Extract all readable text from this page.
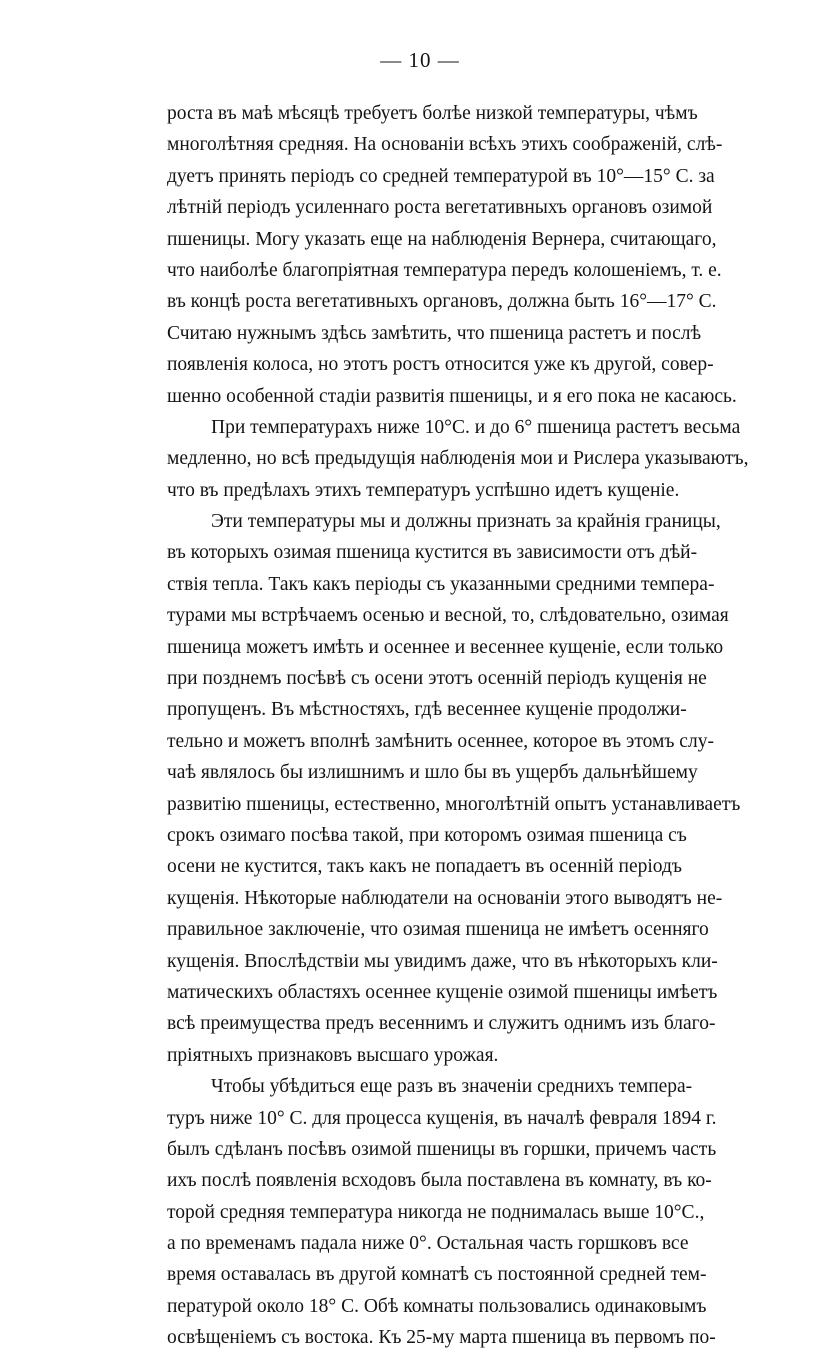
— 10 —
роста въ маѣ мѣсяцѣ требуетъ болѣе низкой температуры, чѣмъ
многолѣтняя средняя. На основаніи всѣхъ этихъ соображеній, слѣ-
дуетъ принять періодъ со средней температурой въ 10°—15° С. за
лѣтній періодъ усиленнаго роста вегетативныхъ органовъ озимой
пшеницы. Могу указать еще на наблюденія Вернера, считающаго,
что наиболѣе благопріятная температура передъ колошеніемъ, т. е.
въ концѣ роста вегетативныхъ органовъ, должна быть 16°—17° С.
Считаю нужнымъ здѣсь замѣтить, что пшеница растетъ и послѣ
появленія колоса, но этотъ ростъ относится уже къ другой, совер-
шенно особенной стадіи развитія пшеницы, и я его пока не касаюсь.
При температурахъ ниже 10°С. и до 6° пшеница растетъ весьма
медленно, но всѣ предыдущія наблюденія мои и Рислера указываютъ,
что въ предѣлахъ этихъ температуръ успѣшно идетъ кущеніе.
Эти температуры мы и должны признать за крайнія границы,
въ которыхъ озимая пшеница кустится въ зависимости отъ дѣй-
ствія тепла. Такъ какъ періоды съ указанными средними темпера-
турами мы встрѣчаемъ осенью и весной, то, слѣдовательно, озимая
пшеница можетъ имѣть и осеннее и весеннее кущеніе, если только
при позднемъ посѣвѣ съ осени этотъ осенній періодъ кущенія не
пропущенъ. Въ мѣстностяхъ, гдѣ весеннее кущеніе продолжи-
тельно и можетъ вполнѣ замѣнить осеннее, которое въ этомъ слу-
чаѣ являлось бы излишнимъ и шло бы въ ущербъ дальнѣйшему
развитію пшеницы, естественно, многолѣтній опытъ устанавливаетъ
срокъ озимаго посѣва такой, при которомъ озимая пшеница съ
осени не кустится, такъ какъ не попадаетъ въ осенній періодъ
кущенія. Нѣкоторые наблюдатели на основаніи этого выводятъ не-
правильное заключеніе, что озимая пшеница не имѣетъ осенняго
кущенія. Впослѣдствіи мы увидимъ даже, что въ нѣкоторыхъ кли-
матическихъ областяхъ осеннее кущеніе озимой пшеницы имѣетъ
всѣ преимущества предъ весеннимъ и служитъ однимъ изъ благо-
пріятныхъ признаковъ высшаго урожая.
Чтобы убѣдиться еще разъ въ значеніи среднихъ темпера-
туръ ниже 10° С. для процесса кущенія, въ началѣ февраля 1894 г.
былъ сдѣланъ посѣвъ озимой пшеницы въ горшки, причемъ часть
ихъ послѣ появленія всходовъ была поставлена въ комнату, въ ко-
торой средняя температура никогда не поднималась выше 10°С.,
а по временамъ падала ниже 0°. Остальная часть горшковъ все
время оставалась въ другой комнатѣ съ постоянной средней тем-
пературой около 18° С. Обѣ комнаты пользовались одинаковымъ
освѣщеніемъ съ востока. Къ 25-му марта пшеница въ первомъ по-
